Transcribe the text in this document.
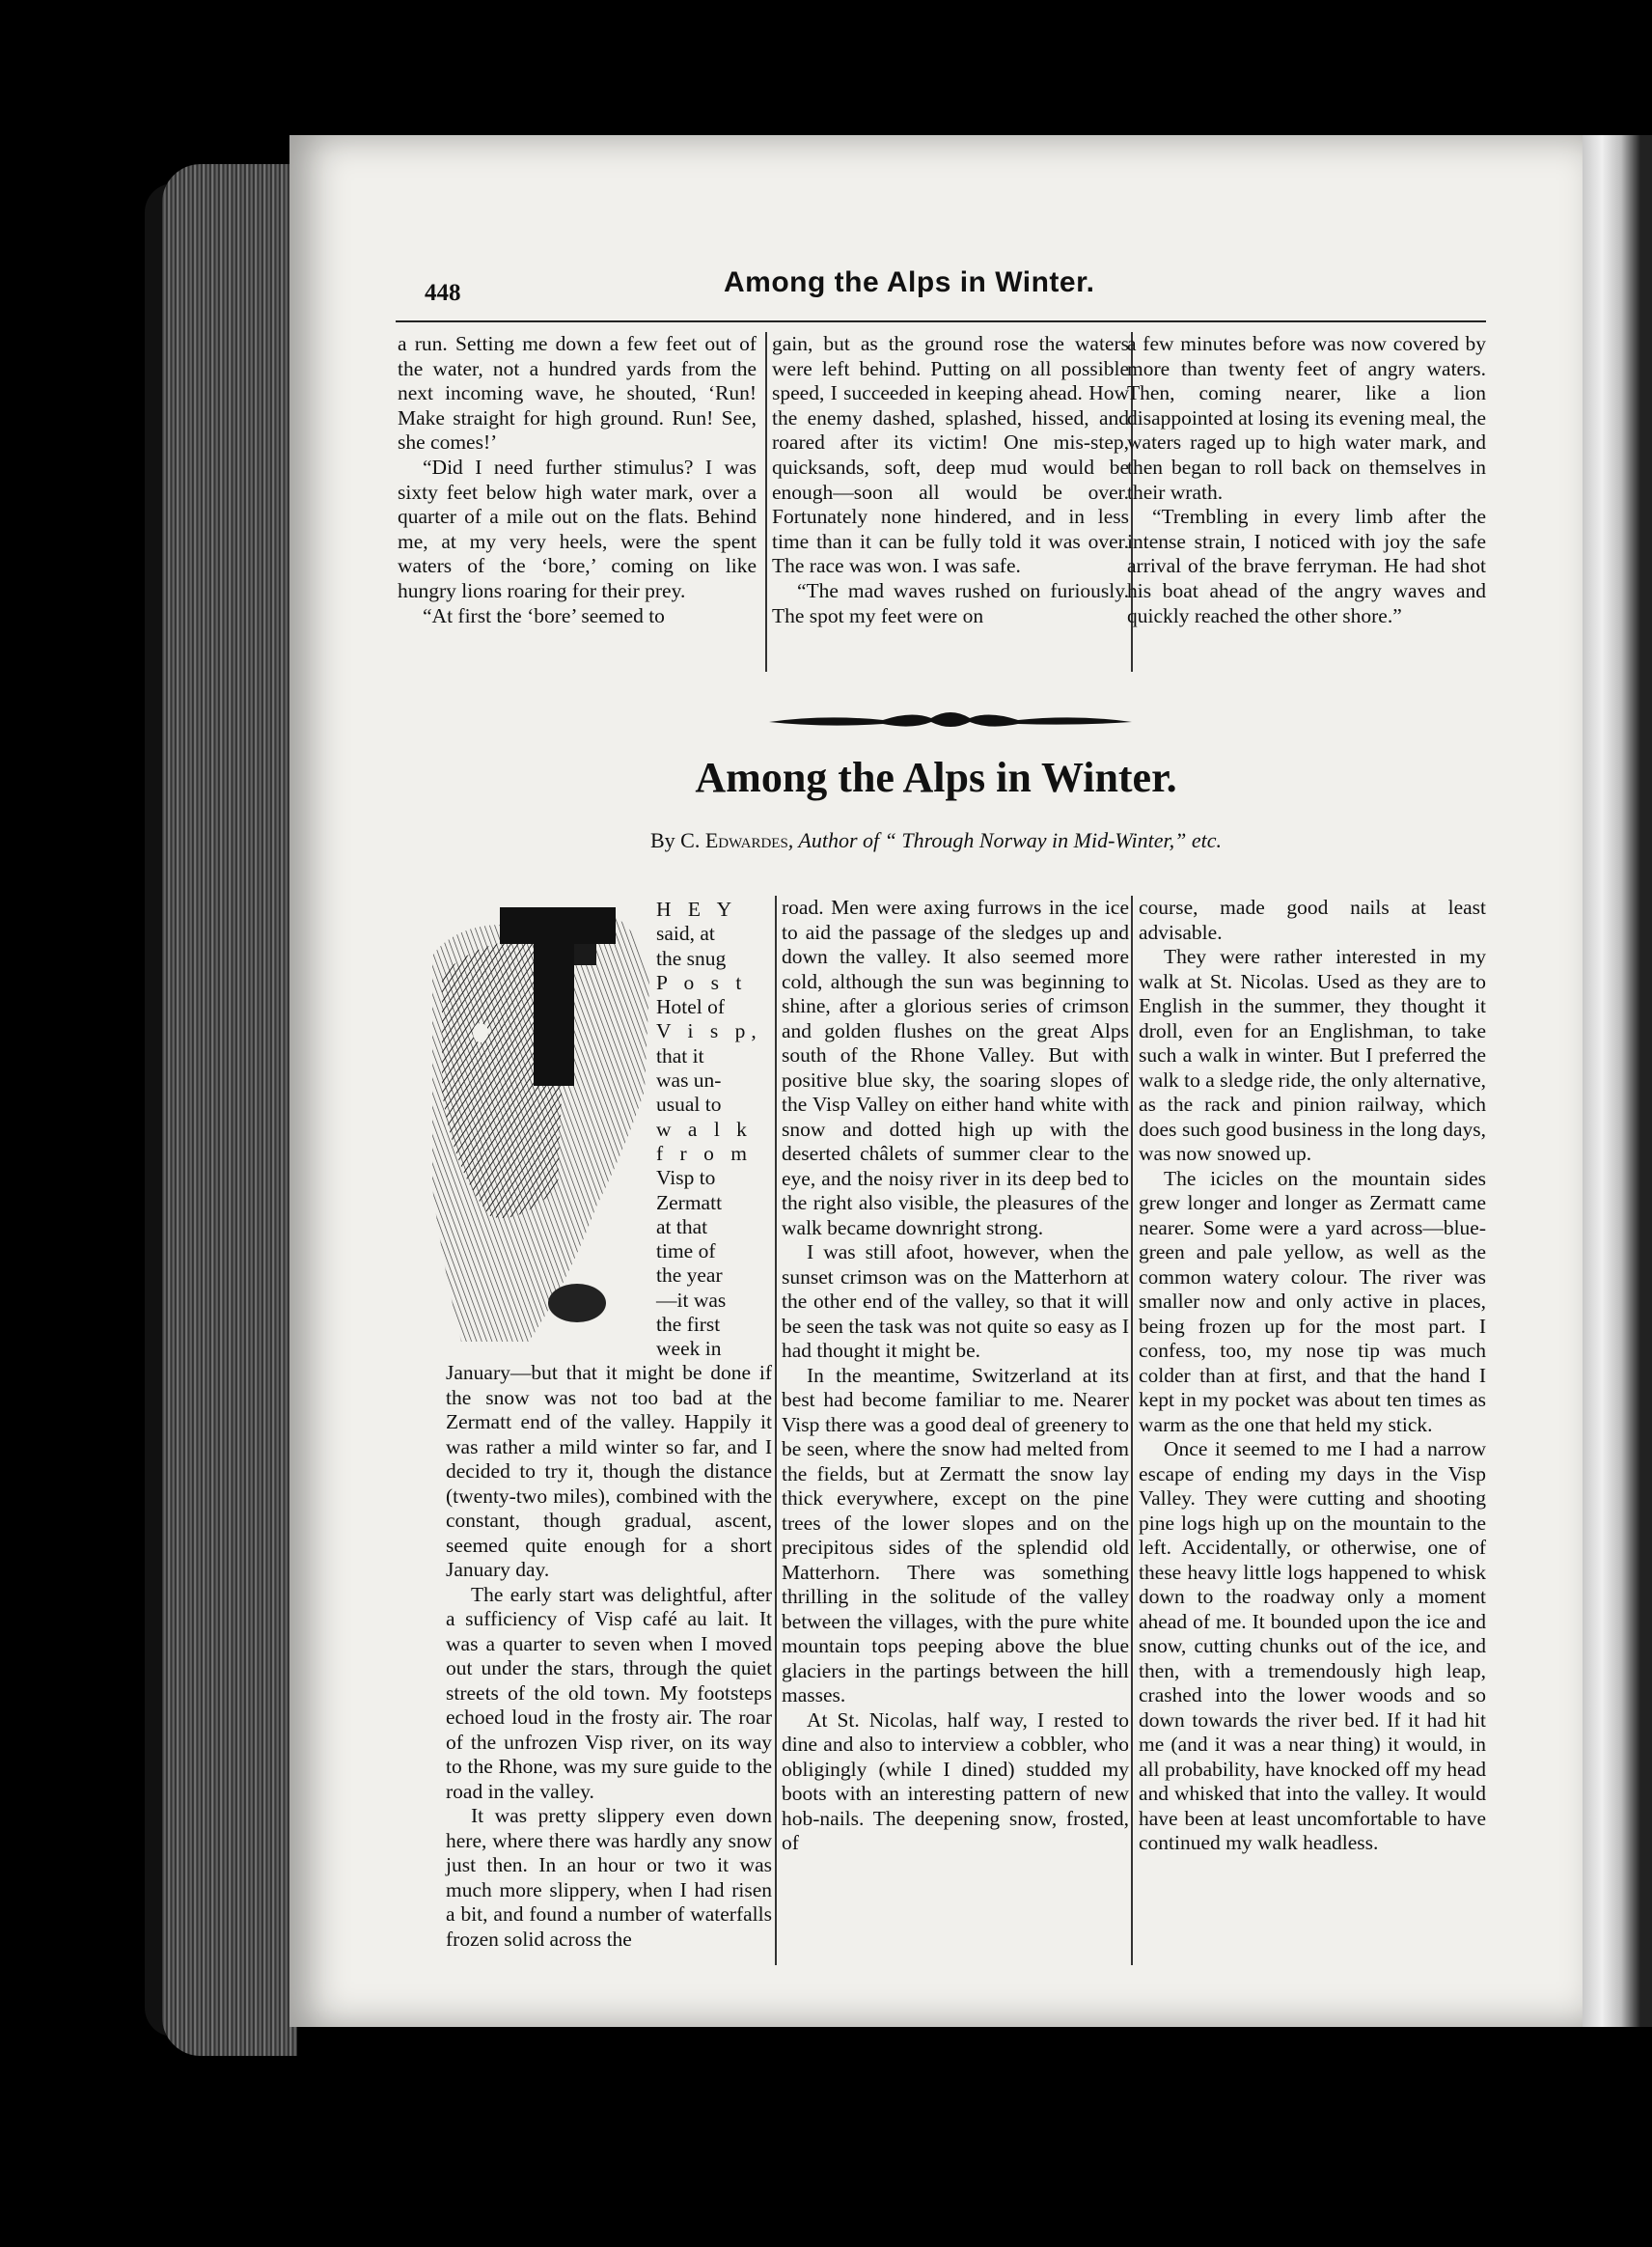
448	Among the Alps in Winter.

a run. Setting me down a few feet out of the water, not a hundred yards from the next incoming wave, he shouted, ‘Run! Make straight for high ground. Run! See, she comes!’

“Did I need further stimulus? I was sixty feet below high water mark, over a quarter of a mile out on the flats. Behind me, at my very heels, were the spent waters of the ‘bore,’ coming on like hungry lions roaring for their prey.

“At first the ‘bore’ seemed to

gain, but as the ground rose the waters were left behind. Putting on all possible speed, I succeeded in keeping ahead. How the enemy dashed, splashed, hissed, and roared after its victim! One mis-step, quicksands, soft, deep mud would be enough—soon all would be over. Fortunately none hindered, and in less time than it can be fully told it was over. The race was won. I was safe.

“The mad waves rushed on furiously. The spot my feet were on

a few minutes before was now covered by more than twenty feet of angry waters. Then, coming nearer, like a lion disappointed at losing its evening meal, the waters raged up to high water mark, and then began to roll back on themselves in their wrath.

“Trembling in every limb after the intense strain, I noticed with joy the safe arrival of the brave ferryman. He had shot his boat ahead of the angry waves and quickly reached the other shore.”

Among the Alps in Winter.
By C. Edwardes, Author of “ Through Norway in Mid-Winter,” etc.
H E Y
said, at
the snug
P o s t
Hotel of
V i s p,
that it
was un-
usual to
w a l k
f r o m
Visp to
Zermatt
at that
time of
the year
—it was
the first
week in

January—but that it might be done if the snow was not too bad at the Zermatt end of the valley. Happily it was rather a mild winter so far, and I decided to try it, though the distance (twenty-two miles), combined with the constant, though gradual, ascent, seemed quite enough for a short January day.

The early start was delightful, after a sufficiency of Visp café au lait. It was a quarter to seven when I moved out under the stars, through the quiet streets of the old town. My footsteps echoed loud in the frosty air. The roar of the unfrozen Visp river, on its way to the Rhone, was my sure guide to the road in the valley.

It was pretty slippery even down here, where there was hardly any snow just then. In an hour or two it was much more slippery, when I had risen a bit, and found a number of waterfalls frozen solid across the

road. Men were axing furrows in the ice to aid the passage of the sledges up and down the valley. It also seemed more cold, although the sun was beginning to shine, after a glorious series of crimson and golden flushes on the great Alps south of the Rhone Valley. But with positive blue sky, the soaring slopes of the Visp Valley on either hand white with snow and dotted high up with the deserted châlets of summer clear to the eye, and the noisy river in its deep bed to the right also visible, the pleasures of the walk became downright strong.

I was still afoot, however, when the sunset crimson was on the Matterhorn at the other end of the valley, so that it will be seen the task was not quite so easy as I had thought it might be.

In the meantime, Switzerland at its best had become familiar to me. Nearer Visp there was a good deal of greenery to be seen, where the snow had melted from the fields, but at Zermatt the snow lay thick everywhere, except on the pine trees of the lower slopes and on the precipitous sides of the splendid old Matterhorn. There was something thrilling in the solitude of the valley between the villages, with the pure white mountain tops peeping above the blue glaciers in the partings between the hill masses.

At St. Nicolas, half way, I rested to dine and also to interview a cobbler, who obligingly (while I dined) studded my boots with an interesting pattern of new hob-nails. The deepening snow, frosted, of

course, made good nails at least advisable.

They were rather interested in my walk at St. Nicolas. Used as they are to English in the summer, they thought it droll, even for an Englishman, to take such a walk in winter. But I preferred the walk to a sledge ride, the only alternative, as the rack and pinion railway, which does such good business in the long days, was now snowed up.

The icicles on the mountain sides grew longer and longer as Zermatt came nearer. Some were a yard across—blue-green and pale yellow, as well as the common watery colour. The river was smaller now and only active in places, being frozen up for the most part. I confess, too, my nose tip was much colder than at first, and that the hand I kept in my pocket was about ten times as warm as the one that held my stick.

Once it seemed to me I had a narrow escape of ending my days in the Visp Valley. They were cutting and shooting pine logs high up on the mountain to the left. Accidentally, or otherwise, one of these heavy little logs happened to whisk down to the roadway only a moment ahead of me. It bounded upon the ice and snow, cutting chunks out of the ice, and then, with a tremendously high leap, crashed into the lower woods and so down towards the river bed. If it had hit me (and it was a near thing) it would, in all probability, have knocked off my head and whisked that into the valley. It would have been at least uncomfortable to have continued my walk headless.
